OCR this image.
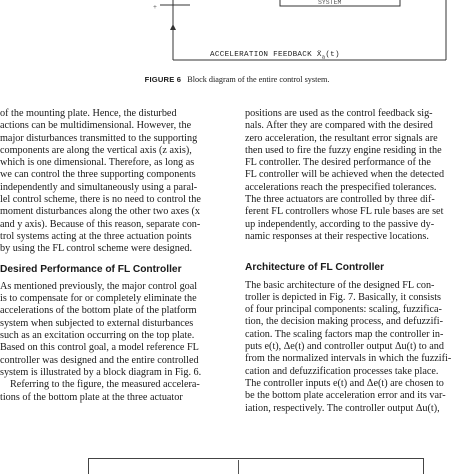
+
SYSTEM
ACCELERATION FEEDBACK Ẍ$_a$(t)
FIGURE 6 Block diagram of the entire control system.
of the mounting plate. Hence, the disturbed
actions can be multidimensional. However, the
major disturbances transmitted to the supporting
components are along the vertical axis (z axis),
which is one dimensional. Therefore, as long as
we can control the three supporting components
independently and simultaneously using a paral-
lel control scheme, there is no need to control the
moment disturbances along the other two axes (x
and y axis). Because of this reason, separate con-
trol systems acting at the three actuation points
by using the FL control scheme were designed.
Desired Performance of FL Controller
As mentioned previously, the major control goal
is to compensate for or completely eliminate the
accelerations of the bottom plate of the platform
system when subjected to external disturbances
such as an excitation occurring on the top plate.
Based on this control goal, a model reference FL
controller was designed and the entire controlled
system is illustrated by a block diagram in Fig. 6.
Referring to the figure, the measured accelera-
tions of the bottom plate at the three actuator
positions are used as the control feedback sig-
nals. After they are compared with the desired
zero acceleration, the resultant error signals are
then used to fire the fuzzy engine residing in the
FL controller. The desired performance of the
FL controller will be achieved when the detected
accelerations reach the prespecified tolerances.
The three actuators are controlled by three dif-
ferent FL controllers whose FL rule bases are set
up independently, according to the passive dy-
namic responses at their respective locations.
Architecture of FL Controller
The basic architecture of the designed FL con-
troller is depicted in Fig. 7. Basically, it consists
of four principal components: scaling, fuzzifica-
tion, the decision making process, and defuzzifi-
cation. The scaling factors map the controller in-
puts e(t), Δe(t) and controller output Δu(t) to and
from the normalized intervals in which the fuzzifi-
cation and defuzzification processes take place.
The controller inputs e(t) and Δe(t) are chosen to
be the bottom plate acceleration error and its var-
iation, respectively. The controller output Δu(t),
